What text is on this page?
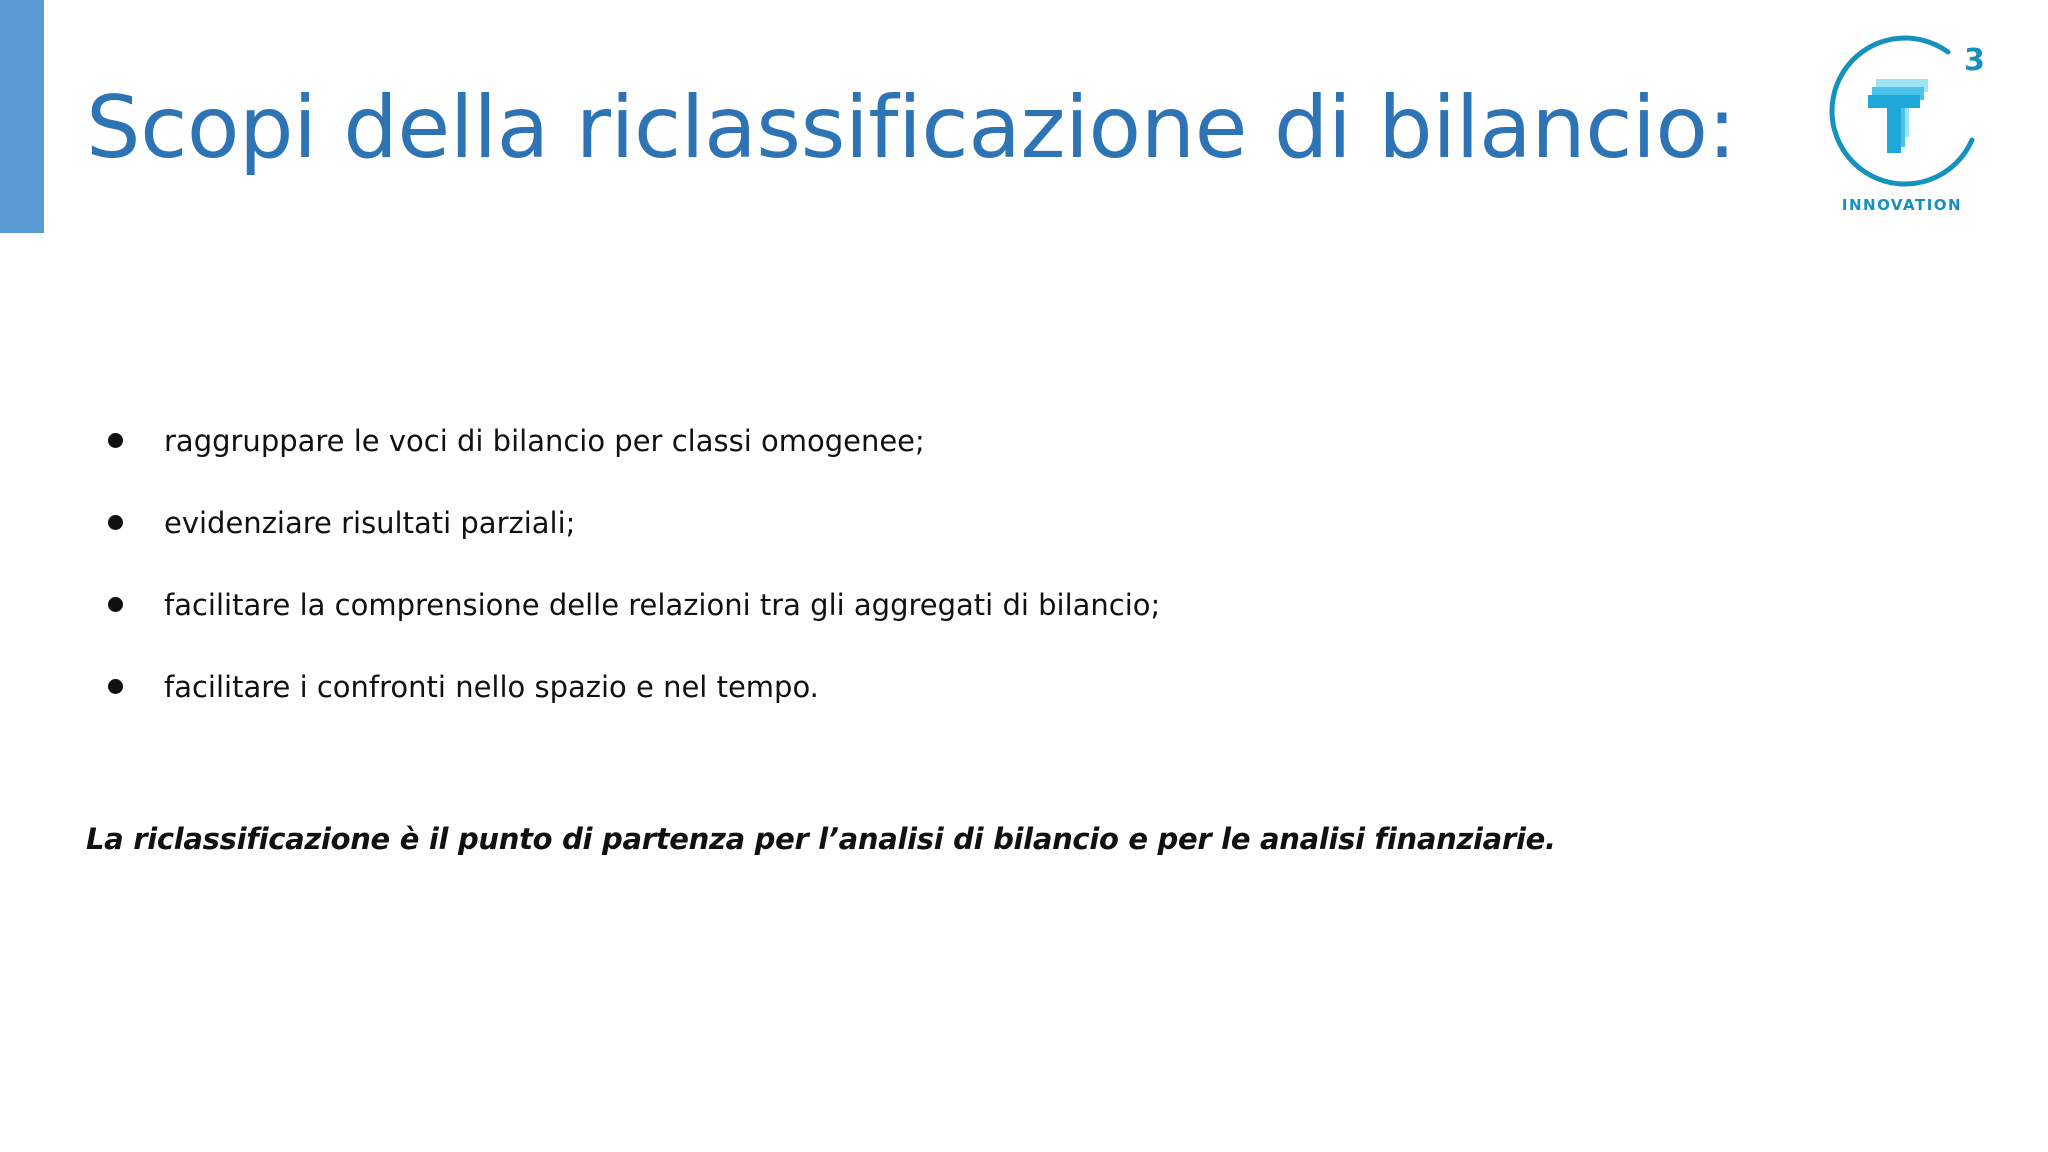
Scopi della riclassificazione di bilancio:
3
INNOVATION
raggruppare le voci di bilancio per classi omogenee;
evidenziare risultati parziali;
facilitare la comprensione delle relazioni tra gli aggregati di bilancio;
facilitare i confronti nello spazio e nel tempo.

La riclassificazione è il punto di partenza per l’analisi di bilancio e per le analisi finanziarie.
